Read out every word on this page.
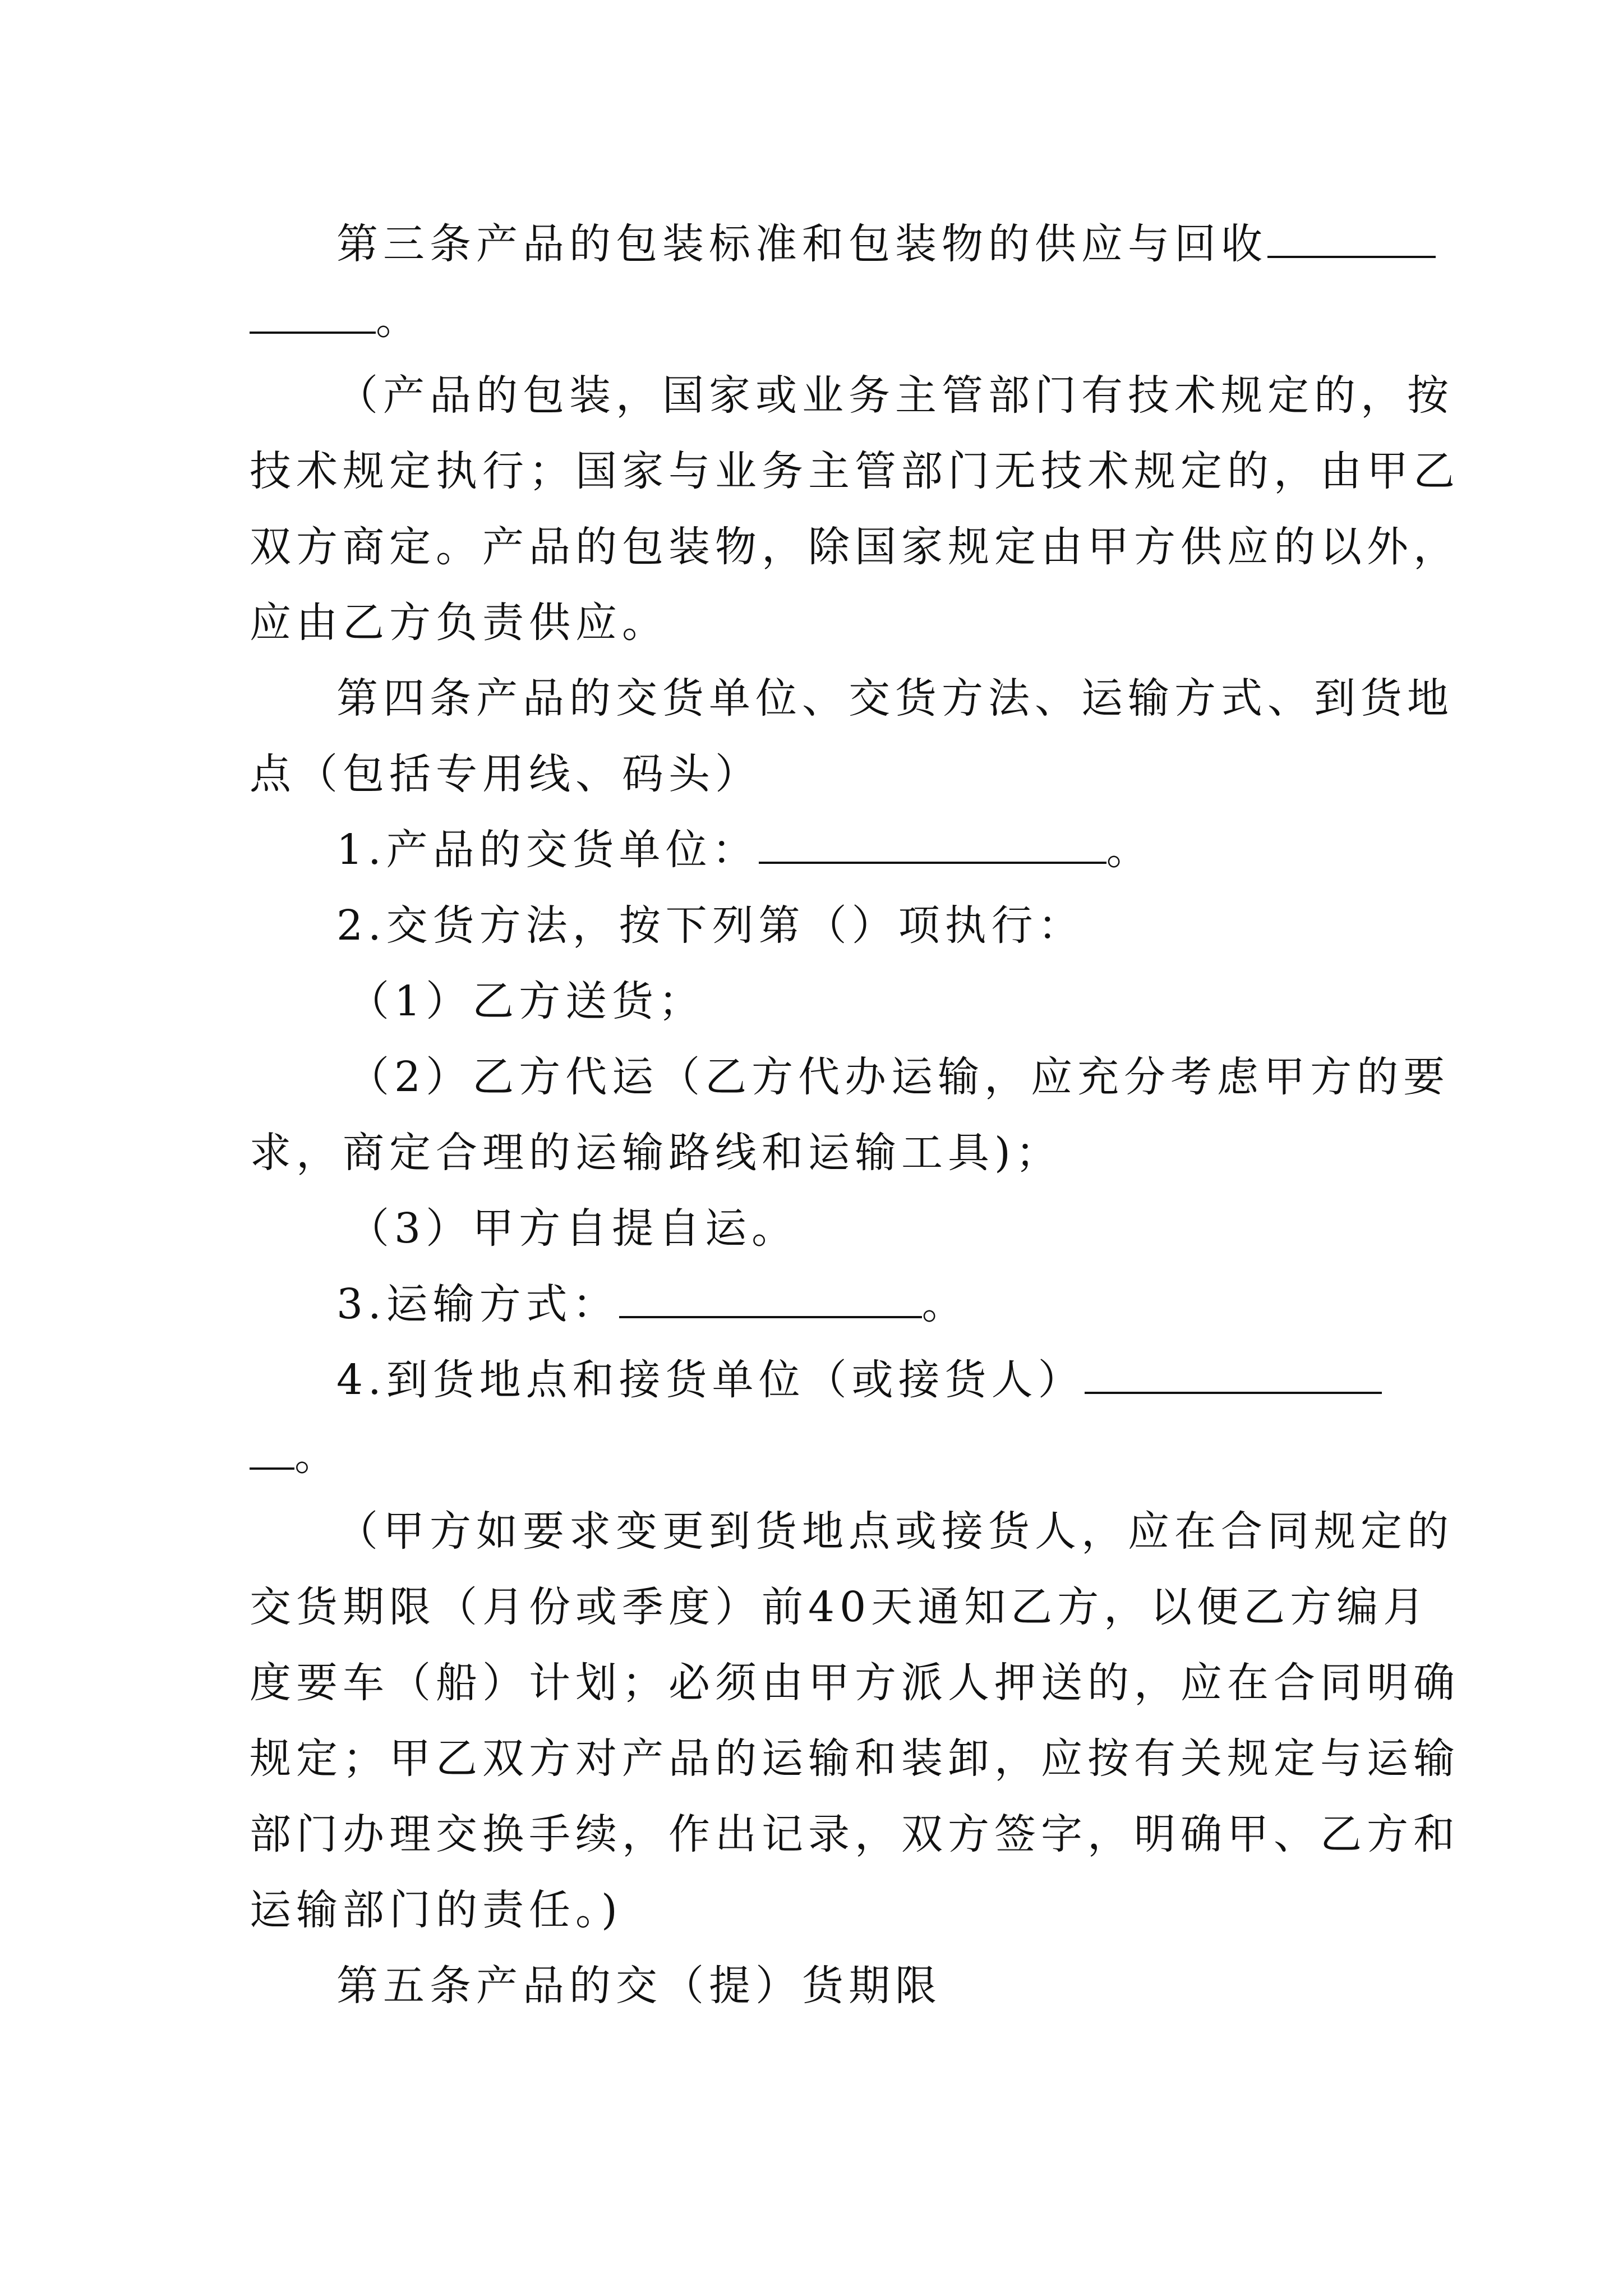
第三条产品的包装标准和包装物的供应与回收

。

（产品的包装，国家或业务主管部门有技术规定的，按

技术规定执行；国家与业务主管部门无技术规定的，由甲乙

双方商定。产品的包装物，除国家规定由甲方供应的以外，

应由乙方负责供应。

第四条产品的交货单位、交货方法、运输方式、到货地

点（包括专用线、码头）

1.产品的交货单位：	。

2.交货方法，按下列第（）项执行：

（1）乙方送货；

（2）乙方代运（乙方代办运输，应充分考虑甲方的要

求，商定合理的运输路线和运输工具)；

（3）甲方自提自运。

3.运输方式：	。

4.到货地点和接货单位（或接货人）

。

（甲方如要求变更到货地点或接货人，应在合同规定的

交货期限（月份或季度）前40天通知乙方，以便乙方编月

度要车（船）计划；必须由甲方派人押送的，应在合同明确

规定；甲乙双方对产品的运输和装卸，应按有关规定与运输

部门办理交换手续，作出记录，双方签字，明确甲、乙方和

运输部门的责任。)

第五条产品的交（提）货期限
